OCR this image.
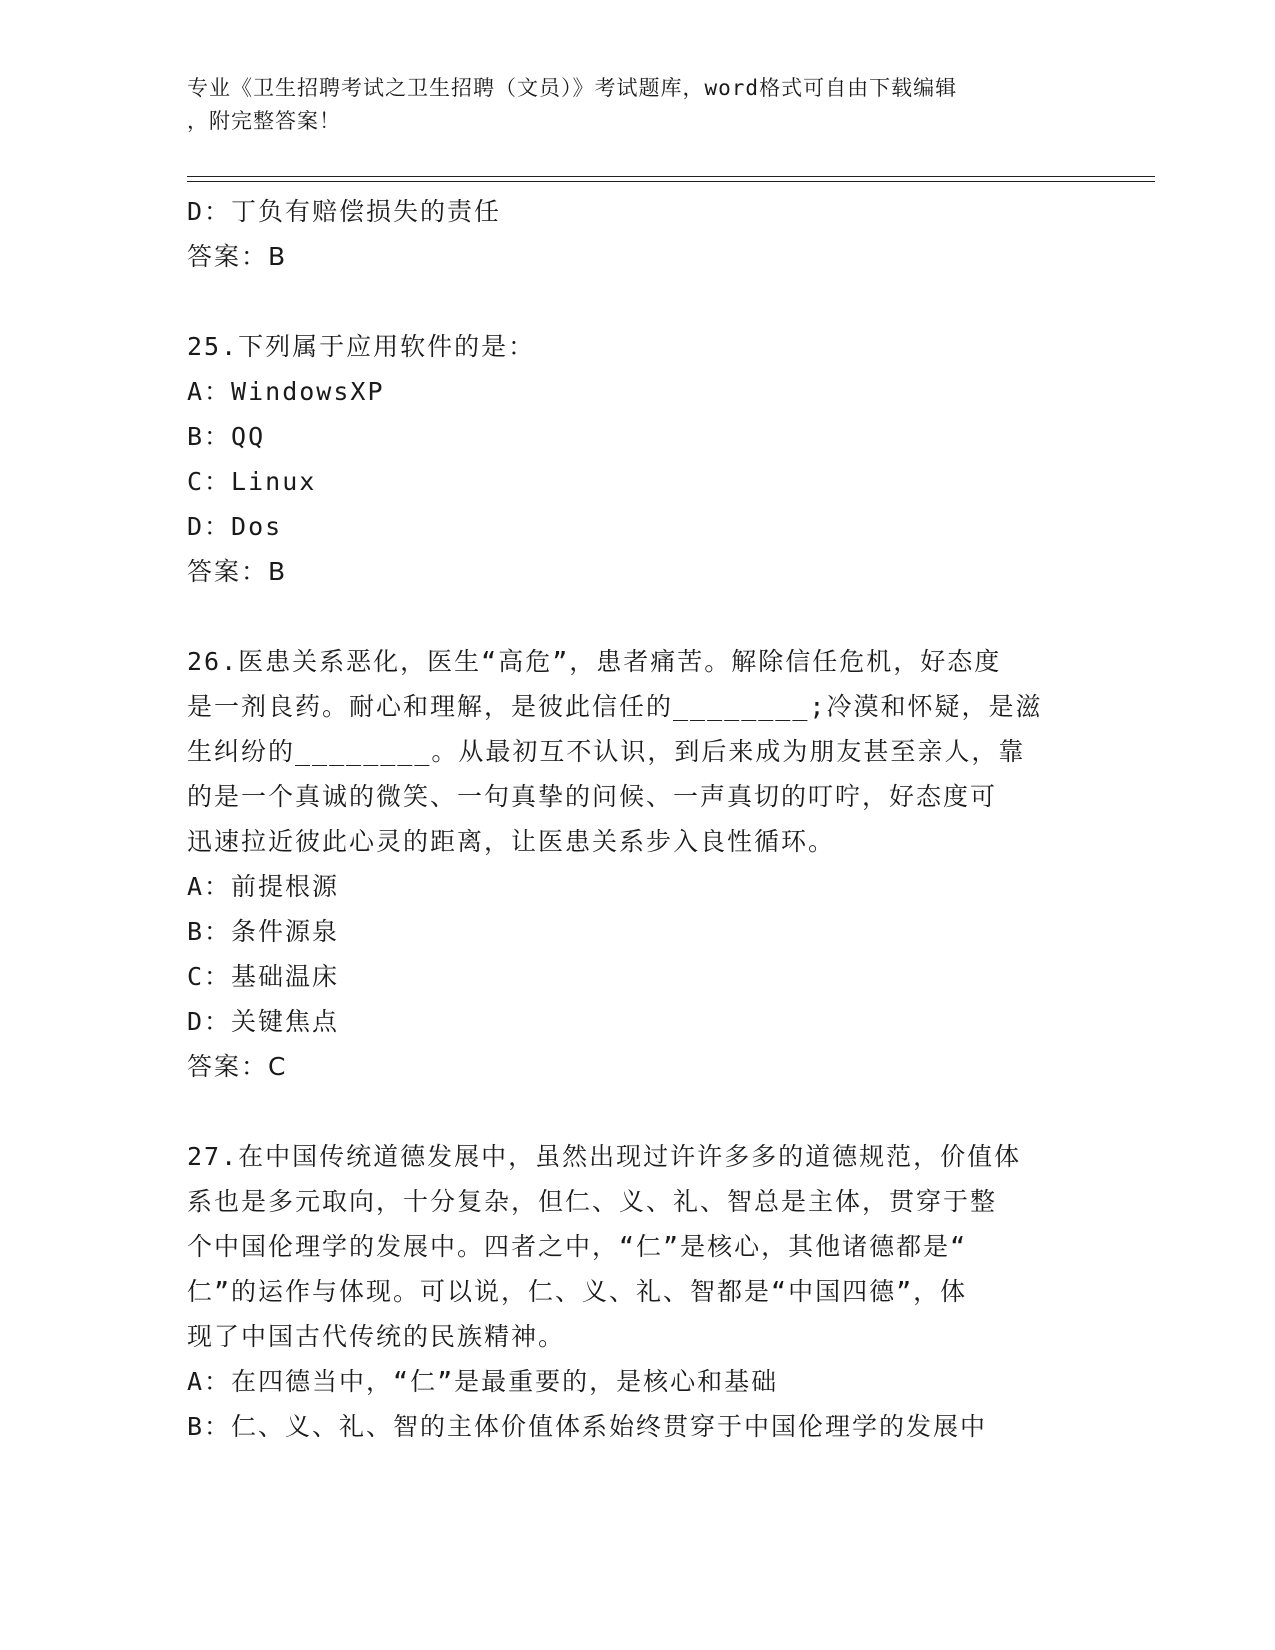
专业《卫生招聘考试之卫生招聘（文员）》考试题库，word格式可自由下载编辑
，附完整答案！
D：丁负有赔偿损失的责任
答案：B
25.下列属于应用软件的是：
A：WindowsXP
B：QQ
C：Linux
D：Dos
答案：B
26.医患关系恶化，医生“高危”，患者痛苦。解除信任危机，好态度
是一剂良药。耐心和理解，是彼此信任的________;冷漠和怀疑，是滋
生纠纷的________。从最初互不认识，到后来成为朋友甚至亲人，靠
的是一个真诚的微笑、一句真挚的问候、一声真切的叮咛，好态度可
迅速拉近彼此心灵的距离，让医患关系步入良性循环。
A：前提根源
B：条件源泉
C：基础温床
D：关键焦点
答案：C
27.在中国传统道德发展中，虽然出现过许许多多的道德规范，价值体
系也是多元取向，十分复杂，但仁、义、礼、智总是主体，贯穿于整
个中国伦理学的发展中。四者之中，“仁”是核心，其他诸德都是“
仁”的运作与体现。可以说，仁、义、礼、智都是“中国四德”，体
现了中国古代传统的民族精神。
A：在四德当中，“仁”是最重要的，是核心和基础
B：仁、义、礼、智的主体价值体系始终贯穿于中国伦理学的发展中
